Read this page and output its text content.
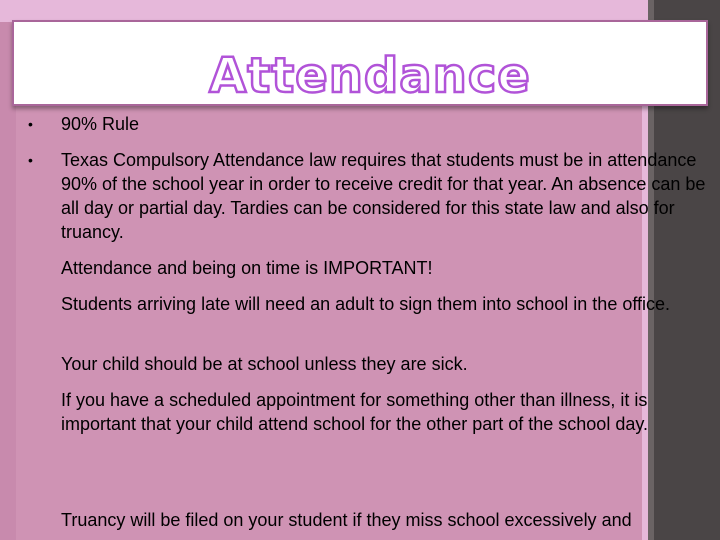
Attendance
• 90% Rule
• Texas Compulsory Attendance law requires that students must be in attendance 90% of the school year in order to receive credit for that year. An absence can be all day or partial day. Tardies can be considered for this state law and also for truancy.
Attendance and being on time is IMPORTANT!
Students arriving late will need an adult to sign them into school in the office.
Your child should be at school unless they are sick.
If you have a scheduled appointment for something other than illness, it is important that your child attend school for the other part of the school day.
Truancy will be filed on your student if they miss school excessively and
